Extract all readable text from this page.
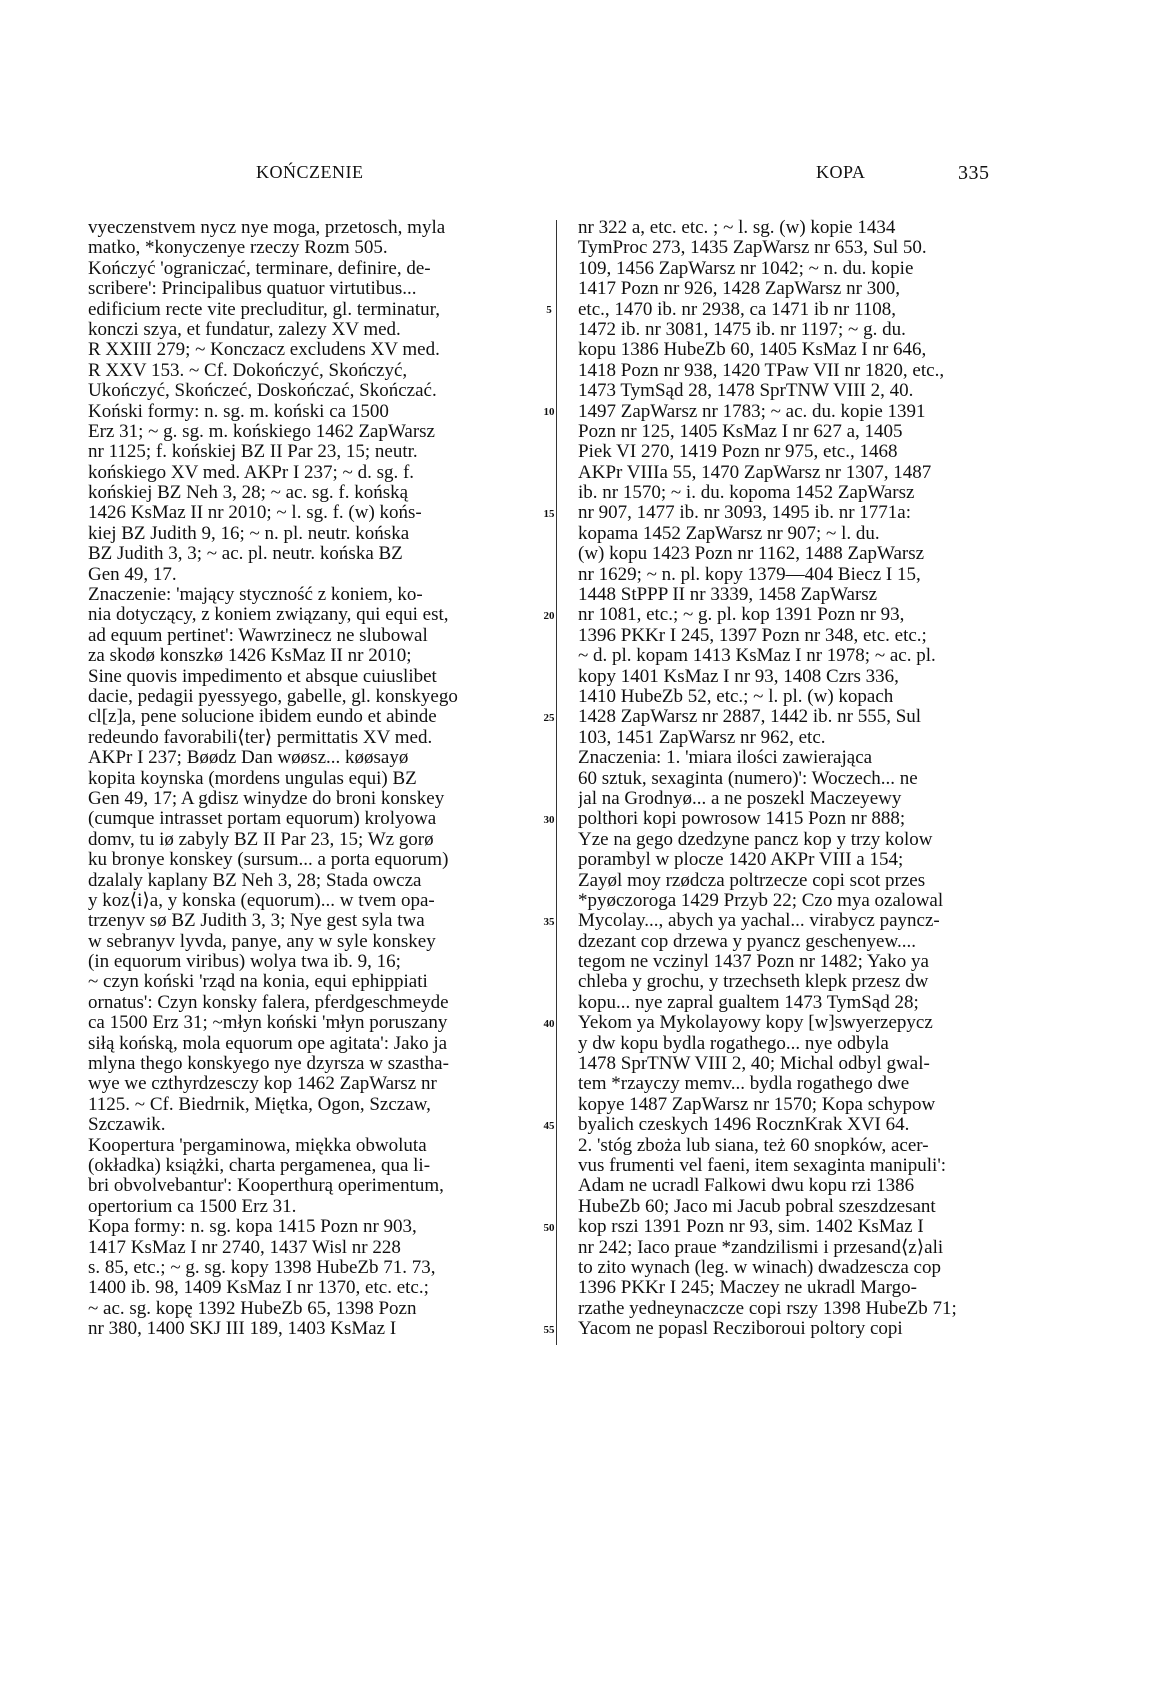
KOŃCZENIE	KOPA	335
vyeczenstvem nycz nye moga, przetosch, myla
matko, *konyczenye rzeczy Rozm 505.
Kończyć 'ograniczać, terminare, definire, de-
scribere': Principalibus quatuor virtutibus...
edificium recte vite precluditur, gl. terminatur,
konczi szya, et fundatur, zalezy XV med.
R XXIII 279; ~ Konczacz excludens XV med.
R XXV 153. ~ Cf. Dokończyć, Skończyć,
Ukończyć, Skończeć, Doskończać, Skończać.
Koński formy: n. sg. m. koński ca 1500
Erz 31; ~ g. sg. m. końskiego 1462 ZapWarsz
nr 1125; f. końskiej BZ II Par 23, 15; neutr.
końskiego XV med. AKPr I 237; ~ d. sg. f.
końskiej BZ Neh 3, 28; ~ ac. sg. f. końską
1426 KsMaz II nr 2010; ~ l. sg. f. (w) końs-
kiej BZ Judith 9, 16; ~ n. pl. neutr. końska
BZ Judith 3, 3; ~ ac. pl. neutr. końska BZ
Gen 49, 17.
Znaczenie: 'mający styczność z koniem, ko-
nia dotyczący, z koniem związany, qui equi est,
ad equum pertinet': Wawrzinecz ne slubowal
za skodø konszkø 1426 KsMaz II nr 2010;
Sine quovis impedimento et absque cuiuslibet
dacie, pedagii pyessyego, gabelle, gl. konskyego
cl[z]a, pene solucione ibidem eundo et abinde
redeundo favorabili⟨ter⟩ permittatis XV med.
AKPr I 237; Bøødz Dan wøøsz... køøsayø
kopita koynska (mordens ungulas equi) BZ
Gen 49, 17; A gdisz winydze do broni konskey
(cumque intrasset portam equorum) krolyowa
domv, tu iø zabyly BZ II Par 23, 15; Wz gorø
ku bronye konskey (sursum... a porta equorum)
dzalaly kaplany BZ Neh 3, 28; Stada owcza
y koz⟨i⟩a, y konska (equorum)... w tvem opa-
trzenyv sø BZ Judith 3, 3; Nye gest syla twa
w sebranyv lyvda, panye, any w syle konskey
(in equorum viribus) wolya twa ib. 9, 16;
~ czyn koński 'rząd na konia, equi ephippiati
ornatus': Czyn konsky falera, pferdgeschmeyde
ca 1500 Erz 31; ~młyn koński 'młyn poruszany
siłą końską, mola equorum ope agitata': Jako ja
mlyna thego konskyego nye dzyrsza w szastha-
wye we czthyrdzesczy kop 1462 ZapWarsz nr
1125. ~ Cf. Biedrnik, Miętka, Ogon, Szczaw,
Szczawik.
Koopertura 'pergaminowa, miękka obwoluta
(okładka) książki, charta pergamenea, qua li-
bri obvolvebantur': Kooperthurą operimentum,
opertorium ca 1500 Erz 31.
Kopa formy: n. sg. kopa 1415 Pozn nr 903,
1417 KsMaz I nr 2740, 1437 Wisl nr 228
s. 85, etc.; ~ g. sg. kopy 1398 HubeZb 71. 73,
1400 ib. 98, 1409 KsMaz I nr 1370, etc. etc.;
~ ac. sg. kopę 1392 HubeZb 65, 1398 Pozn
nr 380, 1400 SKJ III 189, 1403 KsMaz I
5
10
15
20
25
30
35
40
45
50
55
nr 322 a, etc. etc. ; ~ l. sg. (w) kopie 1434
TymProc 273, 1435 ZapWarsz nr 653, Sul 50.
109, 1456 ZapWarsz nr 1042; ~ n. du. kopie
1417 Pozn nr 926, 1428 ZapWarsz nr 300,
etc., 1470 ib. nr 2938, ca 1471 ib nr 1108,
1472 ib. nr 3081, 1475 ib. nr 1197; ~ g. du.
kopu 1386 HubeZb 60, 1405 KsMaz I nr 646,
1418 Pozn nr 938, 1420 TPaw VII nr 1820, etc.,
1473 TymSąd 28, 1478 SprTNW VIII 2, 40.
1497 ZapWarsz nr 1783; ~ ac. du. kopie 1391
Pozn nr 125, 1405 KsMaz I nr 627 a, 1405
Piek VI 270, 1419 Pozn nr 975, etc., 1468
AKPr VIIIa 55, 1470 ZapWarsz nr 1307, 1487
ib. nr 1570; ~ i. du. kopoma 1452 ZapWarsz
nr 907, 1477 ib. nr 3093, 1495 ib. nr 1771a:
kopama 1452 ZapWarsz nr 907; ~ l. du.
(w) kopu 1423 Pozn nr 1162, 1488 ZapWarsz
nr 1629; ~ n. pl. kopy 1379—404 Biecz I 15,
1448 StPPP II nr 3339, 1458 ZapWarsz
nr 1081, etc.; ~ g. pl. kop 1391 Pozn nr 93,
1396 PKKr I 245, 1397 Pozn nr 348, etc. etc.;
~ d. pl. kopam 1413 KsMaz I nr 1978; ~ ac. pl.
kopy 1401 KsMaz I nr 93, 1408 Czrs 336,
1410 HubeZb 52, etc.; ~ l. pl. (w) kopach
1428 ZapWarsz nr 2887, 1442 ib. nr 555, Sul
103, 1451 ZapWarsz nr 962, etc.
Znaczenia: 1. 'miara ilości zawierająca
60 sztuk, sexaginta (numero)': Woczech... ne
jal na Grodnyø... a ne poszekl Maczeyewy
polthori kopi powrosow 1415 Pozn nr 888;
Yze na gego dzedzyne pancz kop y trzy kolow
porambyl w plocze 1420 AKPr VIII a 154;
Zayøl moy rzødcza poltrzecze copi scot przes
*pyøczoroga 1429 Przyb 22; Czo mya ozalowal
Mycolay..., abych ya yachal... virabycz payncz-
dzezant cop drzewa y pyancz geschenyew....
tegom ne vczinyl 1437 Pozn nr 1482; Yako ya
chleba y grochu, y trzechseth klepk przesz dw
kopu... nye zapral gualtem 1473 TymSąd 28;
Yekom ya Mykolayowy kopy [w]swyerzepycz
y dw kopu bydla rogathego... nye odbyla
1478 SprTNW VIII 2, 40; Michal odbyl gwal-
tem *rzayczy memv... bydla rogathego dwe
kopye 1487 ZapWarsz nr 1570; Kopa schypow
byalich czeskych 1496 RocznKrak XVI 64.
2. 'stóg zboża lub siana, też 60 snopków, acer-
vus frumenti vel faeni, item sexaginta manipuli':
Adam ne ucradl Falkowi dwu kopu rzi 1386
HubeZb 60; Jaco mi Jacub pobral szeszdzesant
kop rszi 1391 Pozn nr 93, sim. 1402 KsMaz I
nr 242; Iaco praue *zandzilismi i przesand⟨z⟩ali
to zito wynach (leg. w winach) dwadzescza cop
1396 PKKr I 245; Maczey ne ukradl Margo-
rzathe yedneynaczcze copi rszy 1398 HubeZb 71;
Yacom ne popasl Recziboroui poltory copi
